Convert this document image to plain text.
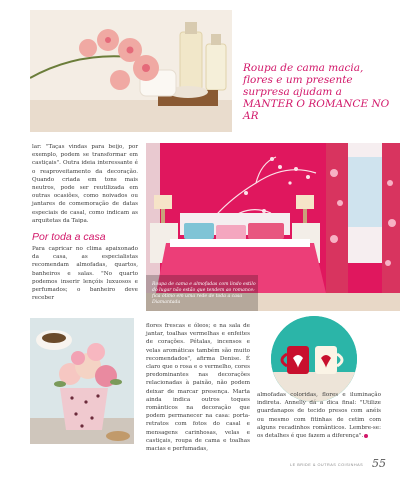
Roupa de cama macia, flores e um presente surpresa ajudam a MANTER O ROMANCE NO AR
lar: "Taças vindas para beijo, por exemplo, podem se transformar em castiçais". Outra ideia interessante é o reaproveitamento da decoração. Quando criada em tons mais neutros, pode ser reutilizada em outras ocasiões, como noivados ou jantares de comemoração de datas especiais de casal, como indicam as arquitetas da Taipa.
Por toda a casa
Para capricar no clima apaixonado da casa, as especialistas recomendam almofadas, quartos, banheiros e salas. "No quarto podemos inserir lençóis luxuosos e perfumados; o banheiro deve receber
Roupa de cama e almofadas com lindo estilo do lugar não estão que tendem ao romance: fica ótimo em uma rede de toda a casa Diamantada
flores frescas e óleos; e na sala de jantar, toalhas vermelhas e enfeites de corações. Pétalas, incensos e velas aromáticas também são muito recomendados", afirma Denise. É claro que o rosa e o vermelho, cores predominantes nas decorações relacionadas à paixão, não podem deixar de marcar presença. Marta ainda indica outros toques românticos na decoração que podem permanecer na casa: porta-retratos com fotos do casal e mensagens carinhosas, velas e castiçais, roupa de cama e toalhas macias e perfumadas,
almofadas coloridas, flores e iluminação indireta. Annelly dá a dica final: "Utilize guardanapos de tecido presos com anéis ou mesmo com fitinhas de cetim com alguns recadinhos românticos. Lembre-se: os detalhes é que fazem a diferença".
LE BRIDE & OUTRAS COISINHAS 55
